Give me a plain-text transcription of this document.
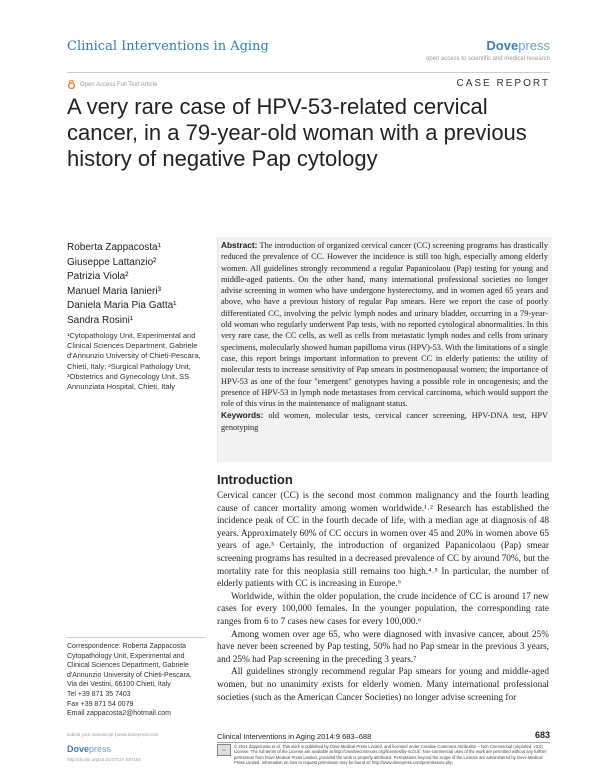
Clinical Interventions in Aging	Dovepress
open access to scientific and medical research
Open Access Full Text Article	CASE REPORT
A very rare case of HPV-53-related cervical cancer, in a 79-year-old woman with a previous history of negative Pap cytology
Roberta Zappacosta¹
Giuseppe Lattanzio²
Patrizia Viola²
Manuel Maria Ianieri³
Daniela Maria Pia Gatta¹
Sandra Rosini¹
¹Cytopathology Unit, Experimental and Clinical Sciences Department, Gabriele d'Annunzio University of Chieti-Pescara, Chieti, Italy; ²Surgical Pathology Unit, ³Obstetrics and Gynecology Unit, SS Annunziata Hospital, Chieti, Italy
Abstract: The introduction of organized cervical cancer (CC) screening programs has drastically reduced the prevalence of CC. However the incidence is still too high, especially among elderly women. All guidelines strongly recommend a regular Papanicolaou (Pap) testing for young and middle-aged patients. On the other hand, many international professional societies no longer advise screening in women who have undergone hysterectomy, and in women aged 65 years and above, who have a previous history of regular Pap smears. Here we report the case of poorly differentiated CC, involving the pelvic lymph nodes and urinary bladder, occurring in a 79-year-old woman who regularly underwent Pap tests, with no reported cytological abnormalities. In this very rare case, the CC cells, as well as cells from metastatic lymph nodes and cells from urinary specimens, molecularly showed human papilloma virus (HPV)-53. With the limitations of a single case, this report brings important information to prevent CC in elderly patients: the utility of molecular tests to increase sensitivity of Pap smears in postmenopausal women; the importance of HPV-53 as one of the four "emergent" genotypes having a possible role in oncogenesis; and the presence of HPV-53 in lymph node metastases from cervical carcinoma, which would support the role of this virus in the maintenance of malignant status.
Keywords: old women, molecular tests, cervical cancer screening, HPV-DNA test, HPV genotyping
Introduction

Cervical cancer (CC) is the second most common malignancy and the fourth leading cause of cancer mortality among women worldwide.¹˒² Research has established the incidence peak of CC in the fourth decade of life, with a median age at diagnosis of 48 years. Approximately 60% of CC occurs in women over 45 and 20% in women above 65 years of age.³ Certainly, the introduction of organized Papanicolaou (Pap) smear screening programs has resulted in a decreased prevalence of CC by around 70%, but the mortality rate for this neoplasia still remains too high.⁴˒⁵ In particular, the number of elderly patients with CC is increasing in Europe.⁶

Worldwide, within the older population, the crude incidence of CC is around 17 new cases for every 100,000 females. In the younger population, the corresponding rate ranges from 6 to 7 cases new cases for every 100,000.⁶

Among women over age 65, who were diagnosed with invasive cancer, about 25% have never been screened by Pap testing, 50% had no Pap smear in the previous 3 years, and 25% had Pap screening in the preceding 3 years.⁷

All guidelines strongly recommend regular Pap smears for young and middle-aged women, but no unanimity exists for elderly women. Many international professional societies (such as the American Cancer Societies) no longer advise screening for

Correspondence: Roberta Zappacosta
Cytopathology Unit, Experimental and
Clinical Sciences Department, Gabriele
d'Annunzio University of Chieti-Pescara,
Via dei Vestini, 66100 Chieti, Italy
Tel +39 871 35 7403
Fax +39 871 54 0079
Email zappacosta2@hotmail.com
submit your manuscript | www.dovepress.com
Dovepress
http://dx.doi.org/10.2147/CIA.S57184
Clinical Interventions in Aging 2014:9 683–688	683
cc
© 2014 Zappacosta et al. This work is published by Dove Medical Press Limited, and licensed under Creative Commons Attribution – Non Commercial (unported, v3.0) License. The full terms of the License are available at http://creativecommons.org/licenses/by-nc/3.0/. Non-commercial uses of the work are permitted without any further permission from Dove Medical Press Limited, provided the work is properly attributed. Permissions beyond the scope of the License are administered by Dove Medical Press Limited. Information on how to request permission may be found at: http://www.dovepress.com/permissions.php
